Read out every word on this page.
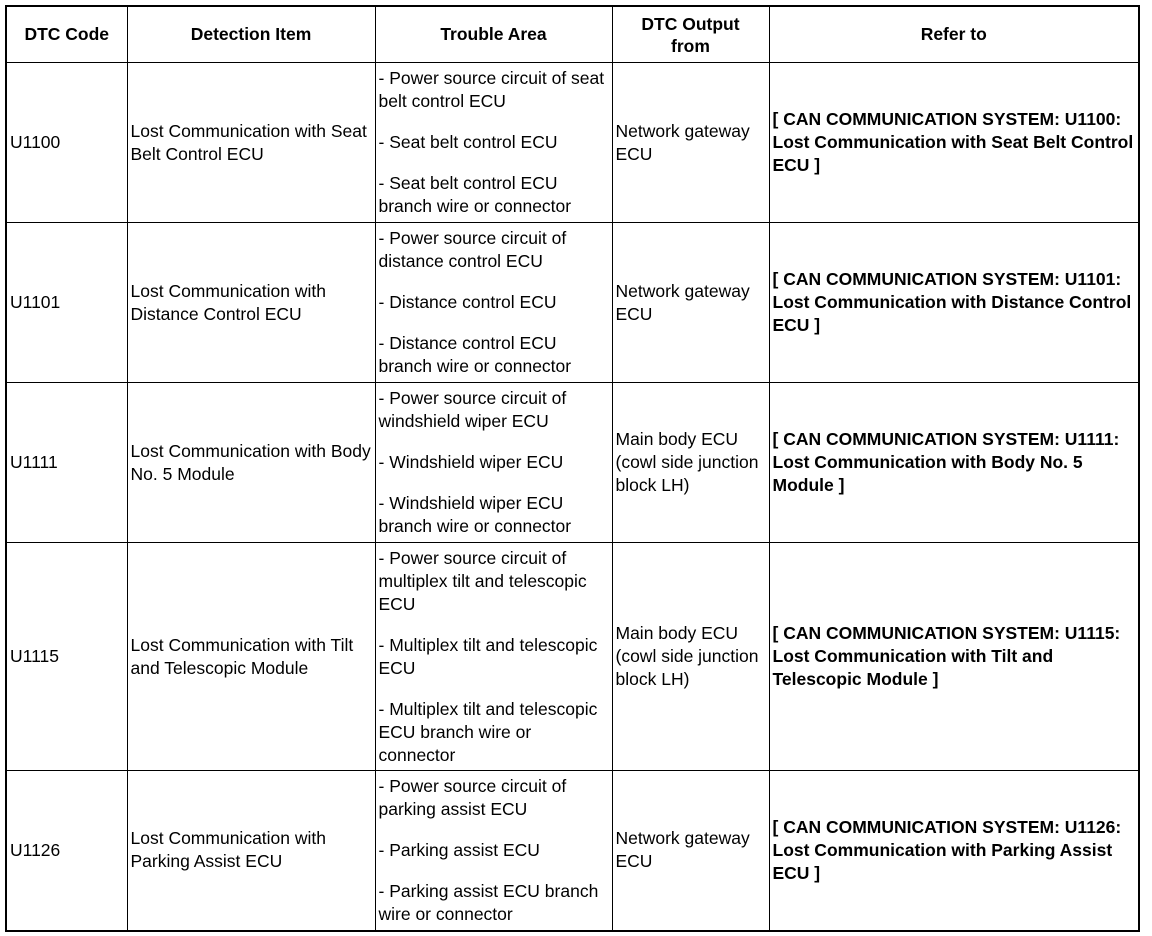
DTC Code	Detection Item	Trouble Area	DTC Output from	Refer to
U1100	Lost Communication with Seat Belt Control ECU	- Power source circuit of seat belt control ECU
- Seat belt control ECU
- Seat belt control ECU branch wire or connector	Network gateway ECU	[ CAN COMMUNICATION SYSTEM: U1100: Lost Communication with Seat Belt Control ECU ]
U1101	Lost Communication with Distance Control ECU	- Power source circuit of distance control ECU
- Distance control ECU
- Distance control ECU branch wire or connector	Network gateway ECU	[ CAN COMMUNICATION SYSTEM: U1101: Lost Communication with Distance Control ECU ]
U1111	Lost Communication with Body No. 5 Module	- Power source circuit of windshield wiper ECU
- Windshield wiper ECU
- Windshield wiper ECU branch wire or connector	Main body ECU (cowl side junction block LH)	[ CAN COMMUNICATION SYSTEM: U1111: Lost Communication with Body No. 5 Module ]
U1115	Lost Communication with Tilt and Telescopic Module	- Power source circuit of multiplex tilt and telescopic ECU
- Multiplex tilt and telescopic ECU
- Multiplex tilt and telescopic ECU branch wire or connector	Main body ECU (cowl side junction block LH)	[ CAN COMMUNICATION SYSTEM: U1115: Lost Communication with Tilt and Telescopic Module ]
U1126	Lost Communication with Parking Assist ECU	- Power source circuit of parking assist ECU
- Parking assist ECU
- Parking assist ECU branch wire or connector	Network gateway ECU	[ CAN COMMUNICATION SYSTEM: U1126: Lost Communication with Parking Assist ECU ]
